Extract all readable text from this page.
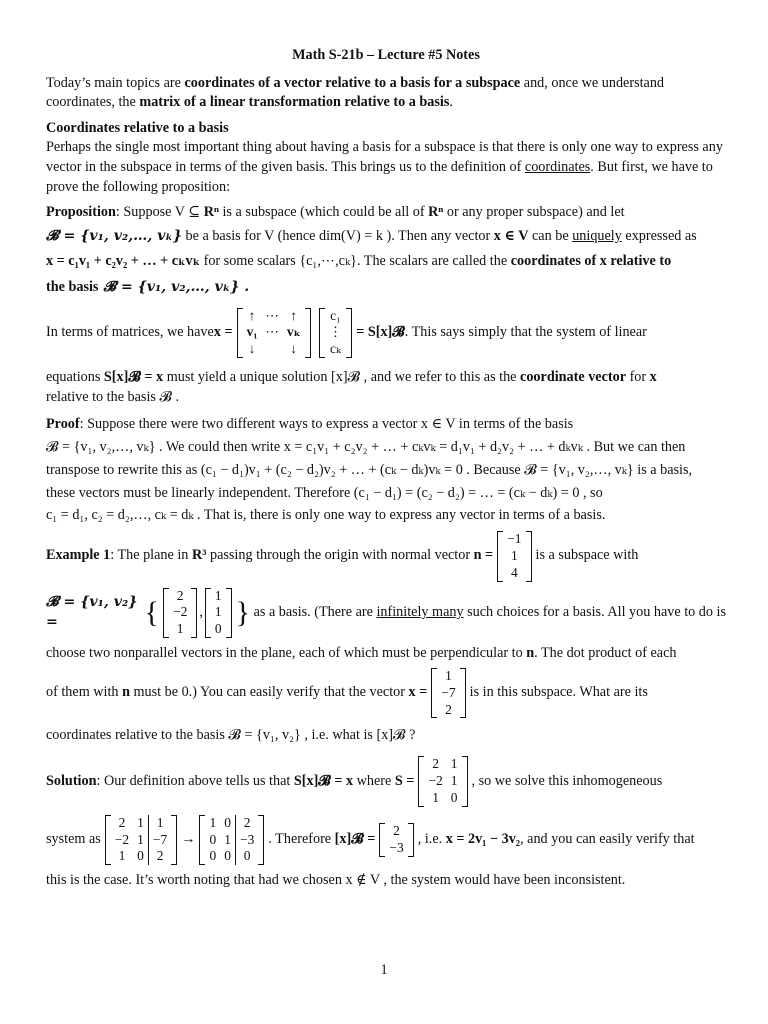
Math S-21b – Lecture #5 Notes

Today’s main topics are coordinates of a vector relative to a basis for a subspace and, once we understand coordinates, the matrix of a linear transformation relative to a basis.

Coordinates relative to a basis
Perhaps the single most important thing about having a basis for a subspace is that there is only one way to express any vector in the subspace in terms of the given basis. This brings us to the definition of coordinates. But first, we have to prove the following proposition:

Proposition: Suppose V ⊆ Rⁿ is a subspace (which could be all of Rⁿ or any proper subspace) and let

𝓑 = {v₁, v₂,…, vₖ} be a basis for V (hence dim(V) = k ). Then any vector x ∈ V can be uniquely expressed as

x = c₁v₁ + c₂v₂ + … + cₖvₖ for some scalars {c₁,⋯,cₖ}. The scalars are called the coordinates of x relative to

the basis 𝓑 = {v₁, v₂,…, vₖ} .

In terms of matrices, we have x =
↑	⋯	↑
v₁	⋯	vₖ
↓		↓
c₁
⋮
cₖ
= S[x]𝓑 . This says simply that the system of linear

equations S[x]𝓑 = x must yield a unique solution [x]𝓑 , and we refer to this as the coordinate vector for x

relative to the basis 𝓑 .

Proof: Suppose there were two different ways to express a vector x ∈ V in terms of the basis

𝓑 = {v₁, v₂,…, vₖ} . We could then write x = c₁v₁ + c₂v₂ + … + cₖvₖ = d₁v₁ + d₂v₂ + … + dₖvₖ . But we can then

transpose to rewrite this as (c₁ − d₁)v₁ + (c₂ − d₂)v₂ + … + (cₖ − dₖ)vₖ = 0 . Because 𝓑 = {v₁, v₂,…, vₖ} is a basis,

these vectors must be linearly independent. Therefore (c₁ − d₁) = (c₂ − d₂) = … = (cₖ − dₖ) = 0 , so

c₁ = d₁, c₂ = d₂,…, cₖ = dₖ . That is, there is only one way to express any vector in terms of a basis.

Example 1 : The plane in R³ passing through the origin with normal vector n =
−1
1
4
is a subspace with
𝓑 = {v₁, v₂} =	{
2
−2
1
,
1
1
0 } as a basis. (There are infinitely many such choices for a basis. All you have to do is

choose two nonparallel vectors in the plane, each of which must be perpendicular to n. The dot product of each

of them with n must be 0.) You can easily verify that the vector x =
1
−7
2
is in this subspace. What are its

coordinates relative to the basis 𝓑 = {v₁, v₂} , i.e. what is [x]𝓑 ?

Solution : Our definition above tells us that S[x]𝓑 = x where S =
2	1
−2	1
1	0
, so we solve this inhomogeneous
system as
2	1	1
−2	1	−7
1	0	2
→
1	0	2
0	1	−3
0	0	0
. Therefore [x]𝓑 =
2
−3
, i.e. x = 2v₁ − 3v₂ , and you can easily verify that

this is the case. It’s worth noting that had we chosen x ∉ V , the system would have been inconsistent.

1
